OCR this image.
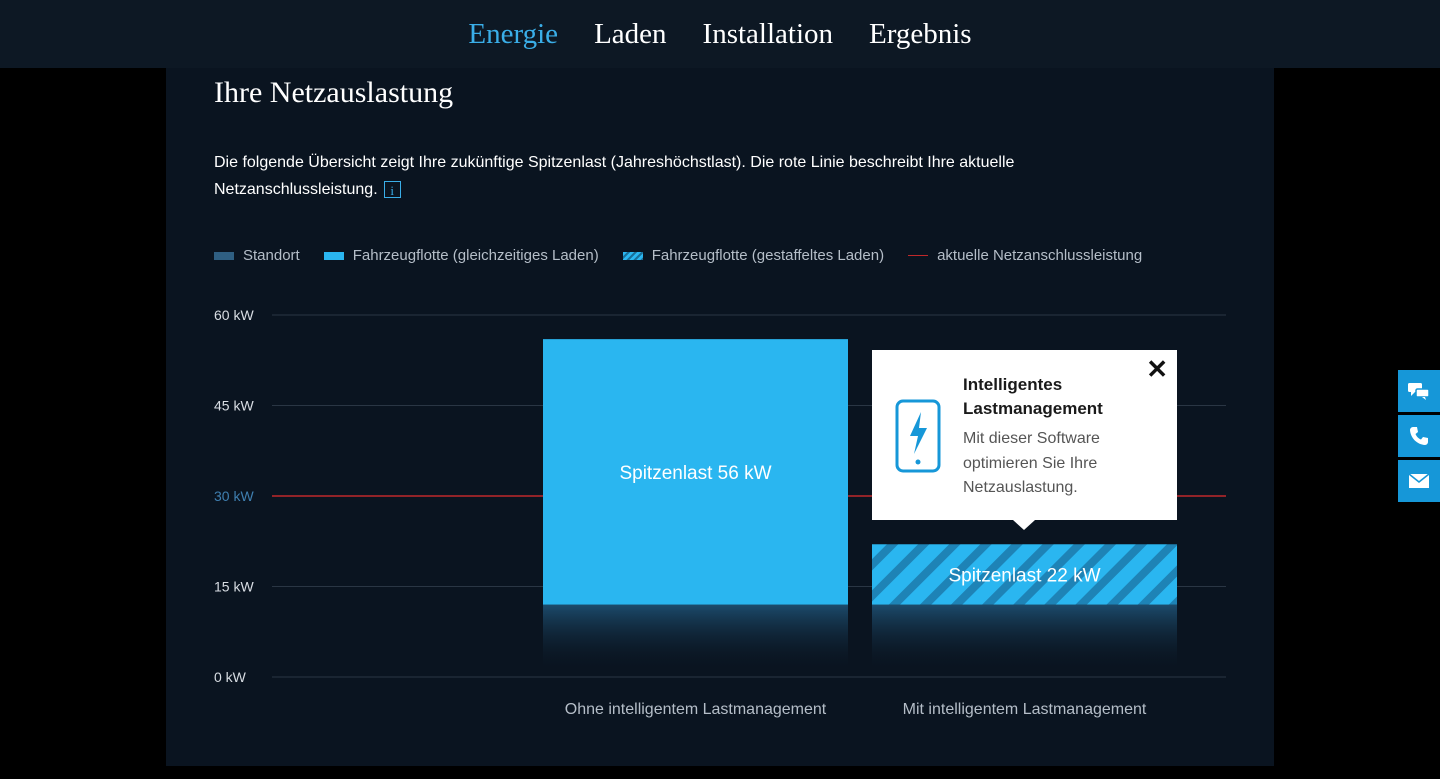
Energie Laden Installation Ergebnis
Ihre Netzauslastung
Die folgende Übersicht zeigt Ihre zukünftige Spitzenlast (Jahreshöchstlast). Die rote Linie beschreibt Ihre aktuelle Netzanschlussleistung. i
Standort	Fahrzeugflotte (gleichzeitiges Laden)	Fahrzeugflotte (gestaffeltes Laden)	aktuelle Netzanschlussleistung
0 kW
15 kW
30 kW
45 kW
60 kW
Spitzenlast 56 kW
Ohne intelligentem Lastmanagement
Spitzenlast 22 kW
Mit intelligentem Lastmanagement
✕
Intelligentes Lastmanagement
Mit dieser Software optimieren Sie Ihre Netzauslastung.
